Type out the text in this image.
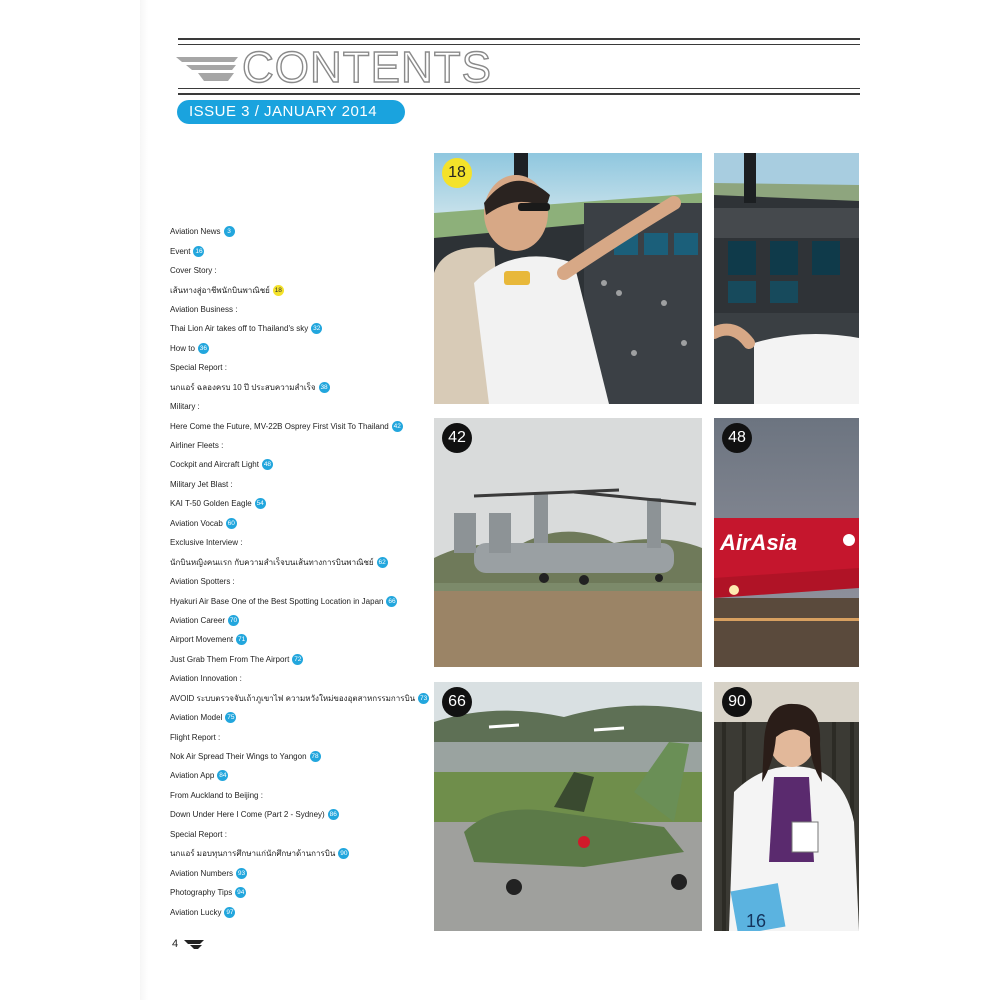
CONTENTS
ISSUE 3 / JANUARY 2014
Aviation News	3
Event 16
Cover Story :
เส้นทางสู่อาชีพนักบินพาณิชย์ 18
Aviation Business :
Thai Lion Air takes off to Thailand's sky 32
How to 36
Special Report :
นกแอร์ ฉลองครบ 10 ปี ประสบความสำเร็จ 38
Military :
Here Come the Future, MV-22B Osprey First Visit To Thailand 42
Airliner Fleets :
Cockpit and Aircraft Light 48
Military Jet Blast :
KAI T-50 Golden Eagle 54
Aviation Vocab 60
Exclusive Interview :
นักบินหญิงคนแรก กับความสำเร็จบนเส้นทางการบินพาณิชย์ 62
Aviation Spotters :
Hyakuri Air Base One of the Best Spotting Location in Japan 66
Aviation Career 70
Airport Movement 71
Just Grab Them From The Airport 72
Aviation Innovation :
AVOID ระบบตรวจจับเถ้าภูเขาไฟ ความหวังใหม่ของอุตสาหกรรมการบิน 73
Aviation Model 75
Flight Report :
Nok Air Spread Their Wings to Yangon 78
Aviation App 84
From Auckland to Beijing :
Down Under Here I Come (Part 2 - Sydney) 86
Special Report :
นกแอร์ มอบทุนการศึกษาแก่นักศึกษาด้านการบิน 90
Aviation Numbers 93
Photography Tips 94
Aviation Lucky 97
18
42
AirAsia
48
66
16
90
4
